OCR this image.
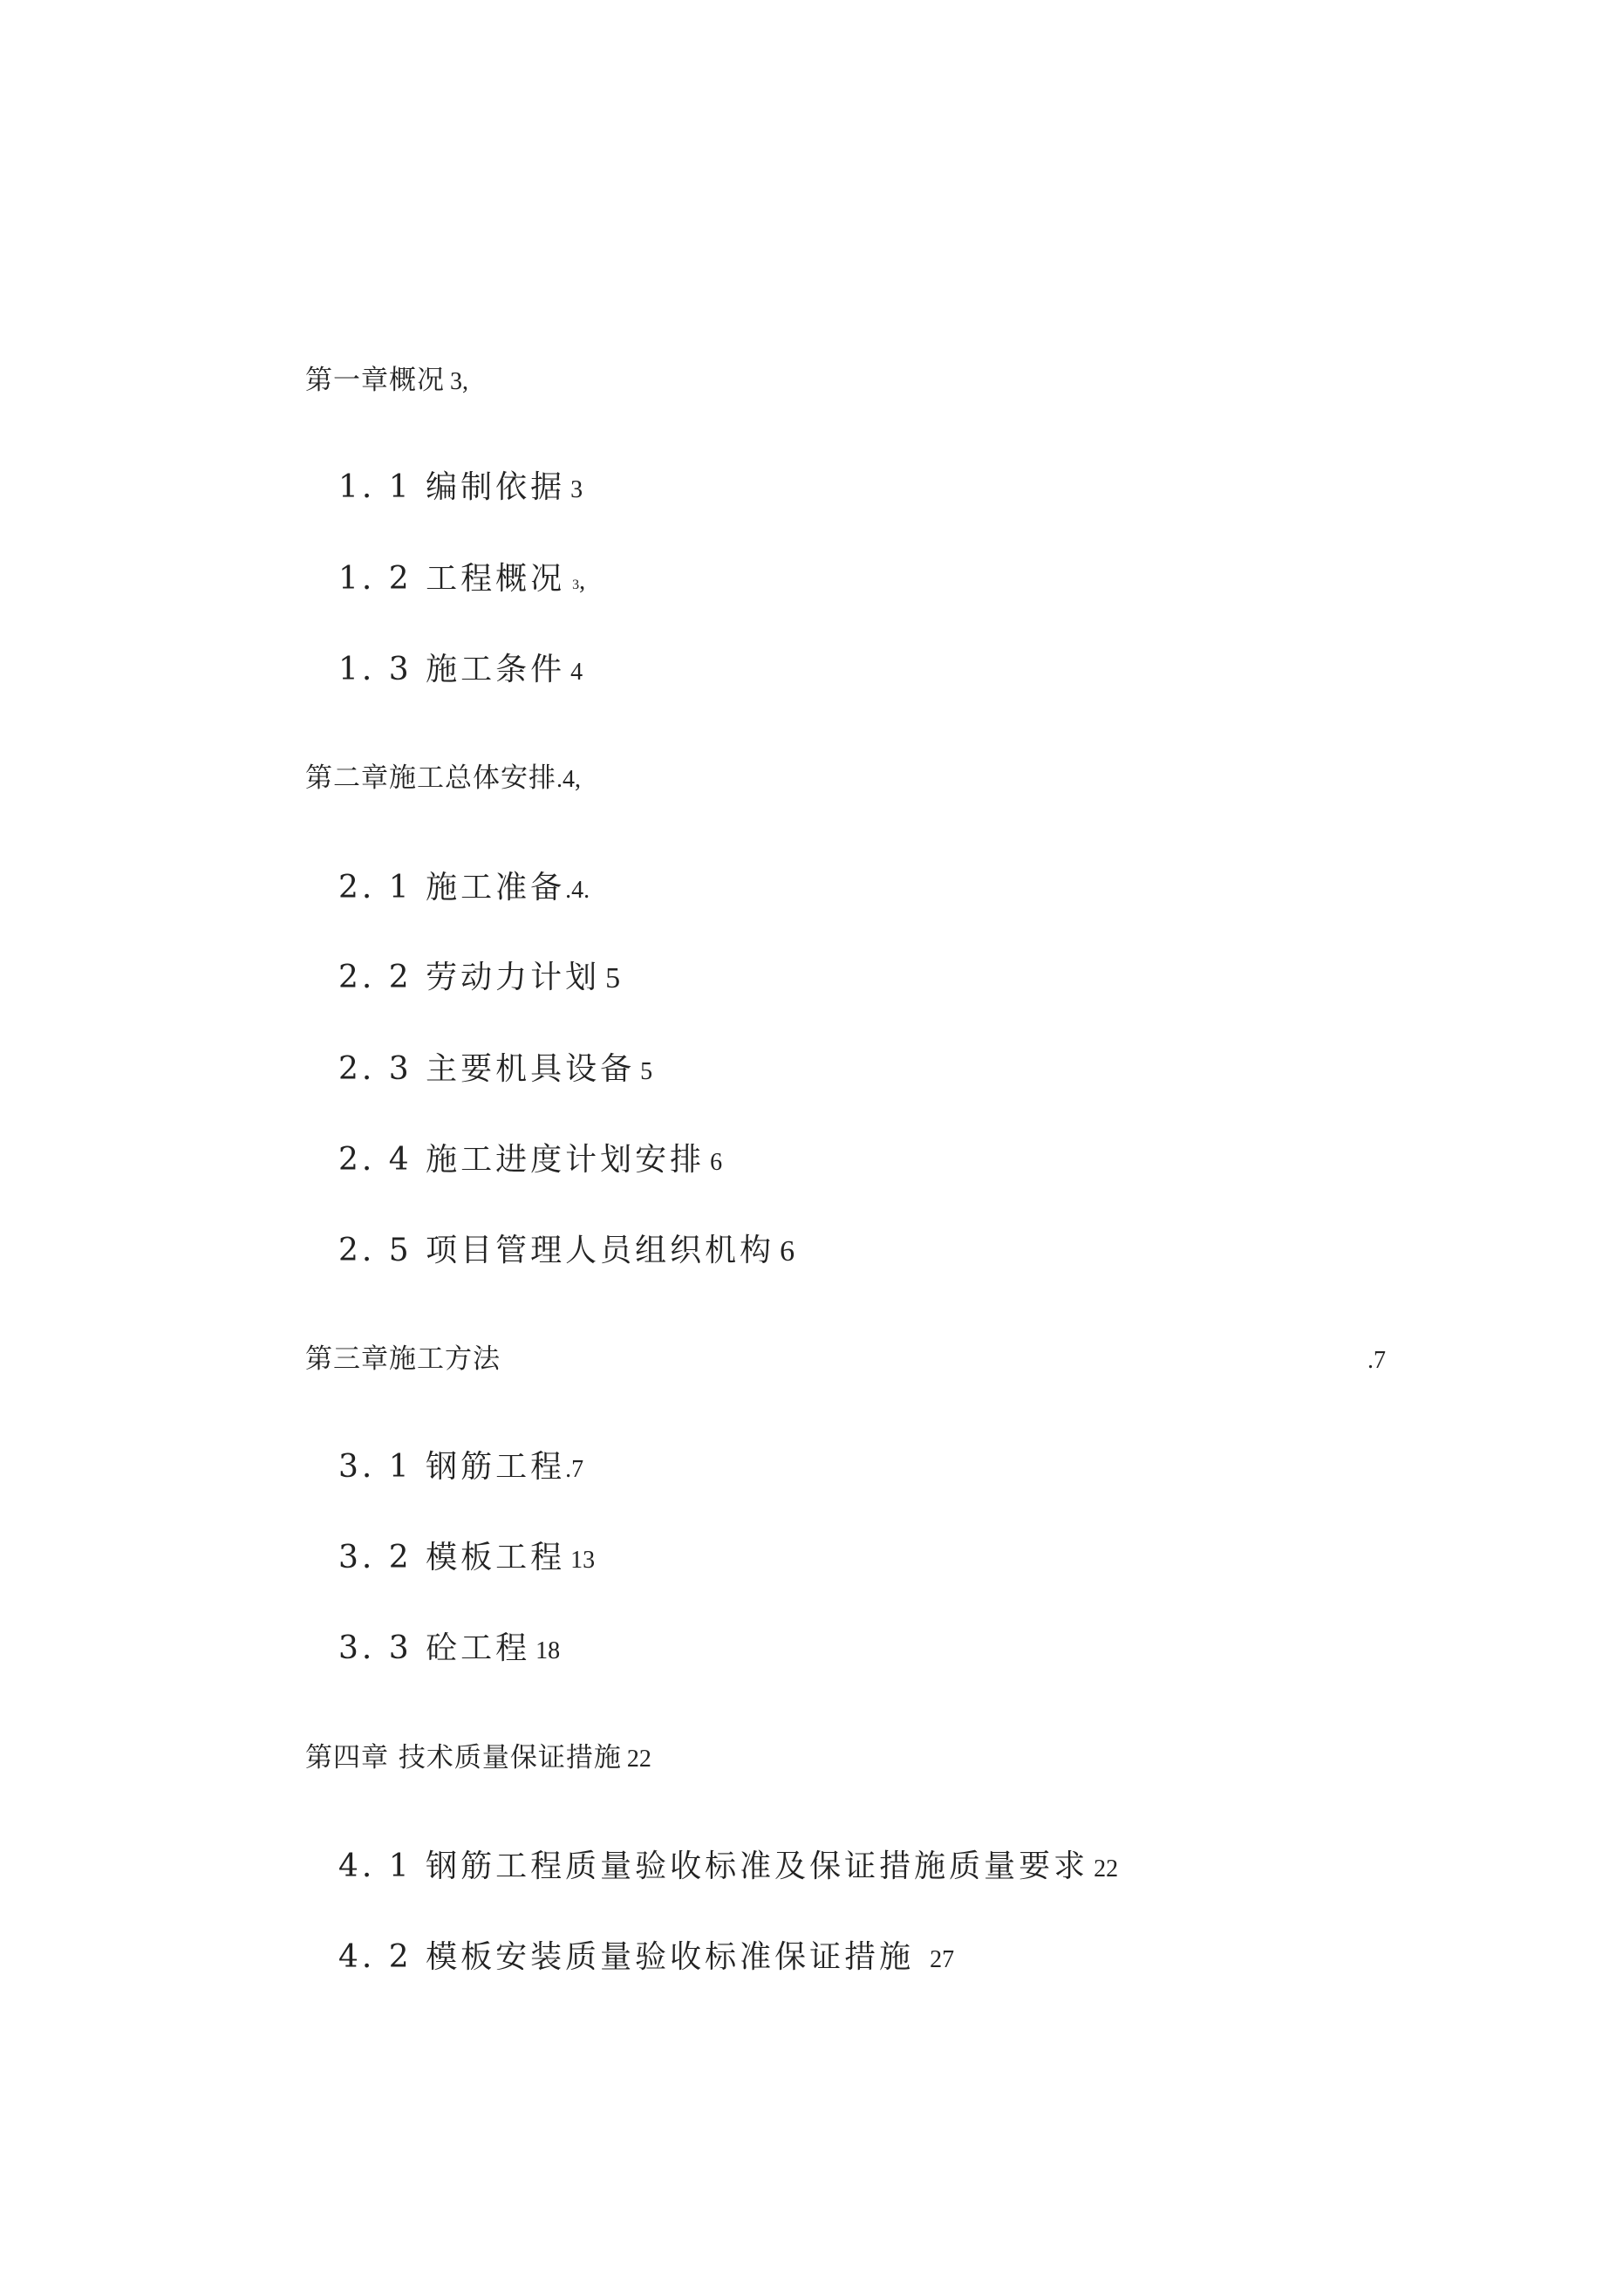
第一章概况 3,
1. 1 编制依据 3
1. 2 工程概况 3,
1. 3 施工条件 4
第二章施工总体安排.4,
2. 1 施工准备.4.
2. 2 劳动力计划 5
2. 3 主要机具设备 5
2. 4 施工进度计划安排 6
2. 5 项目管理人员组织机构 6
第三章施工方法	.7
3. 1 钢筋工程.7
3. 2 模板工程 13
3. 3 砼工程 18
第四章 技术质量保证措施 22
4. 1 钢筋工程质量验收标准及保证措施质量要求 22
4. 2 模板安装质量验收标准保证措施 27
